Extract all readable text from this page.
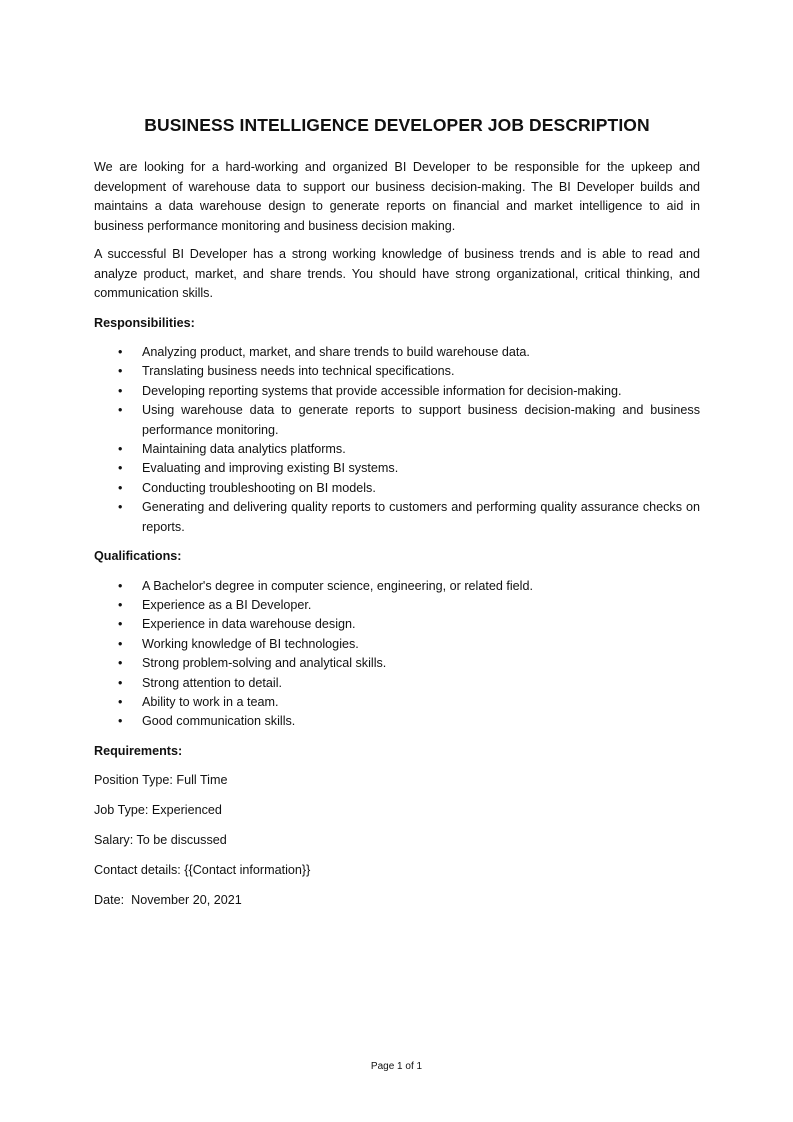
BUSINESS INTELLIGENCE DEVELOPER JOB DESCRIPTION

We are looking for a hard-working and organized BI Developer to be responsible for the upkeep and development of warehouse data to support our business decision-making. The BI Developer builds and maintains a data warehouse design to generate reports on financial and market intelligence to aid in business performance monitoring and business decision making.

A successful BI Developer has a strong working knowledge of business trends and is able to read and analyze product, market, and share trends. You should have strong organizational, critical thinking, and communication skills.

Responsibilities:
• Analyzing product, market, and share trends to build warehouse data.
• Translating business needs into technical specifications.
• Developing reporting systems that provide accessible information for decision-making.
• Using warehouse data to generate reports to support business decision-making and business performance monitoring.
• Maintaining data analytics platforms.
• Evaluating and improving existing BI systems.
• Conducting troubleshooting on BI models.
• Generating and delivering quality reports to customers and performing quality assurance checks on reports.
Qualifications:
• A Bachelor's degree in computer science, engineering, or related field.
• Experience as a BI Developer.
• Experience in data warehouse design.
• Working knowledge of BI technologies.
• Strong problem-solving and analytical skills.
• Strong attention to detail.
• Ability to work in a team.
• Good communication skills.
Requirements:
Position Type: Full Time
Job Type: Experienced
Salary: To be discussed
Contact details: {{Contact information}}
Date:  November 20, 2021
Page 1 of 1
